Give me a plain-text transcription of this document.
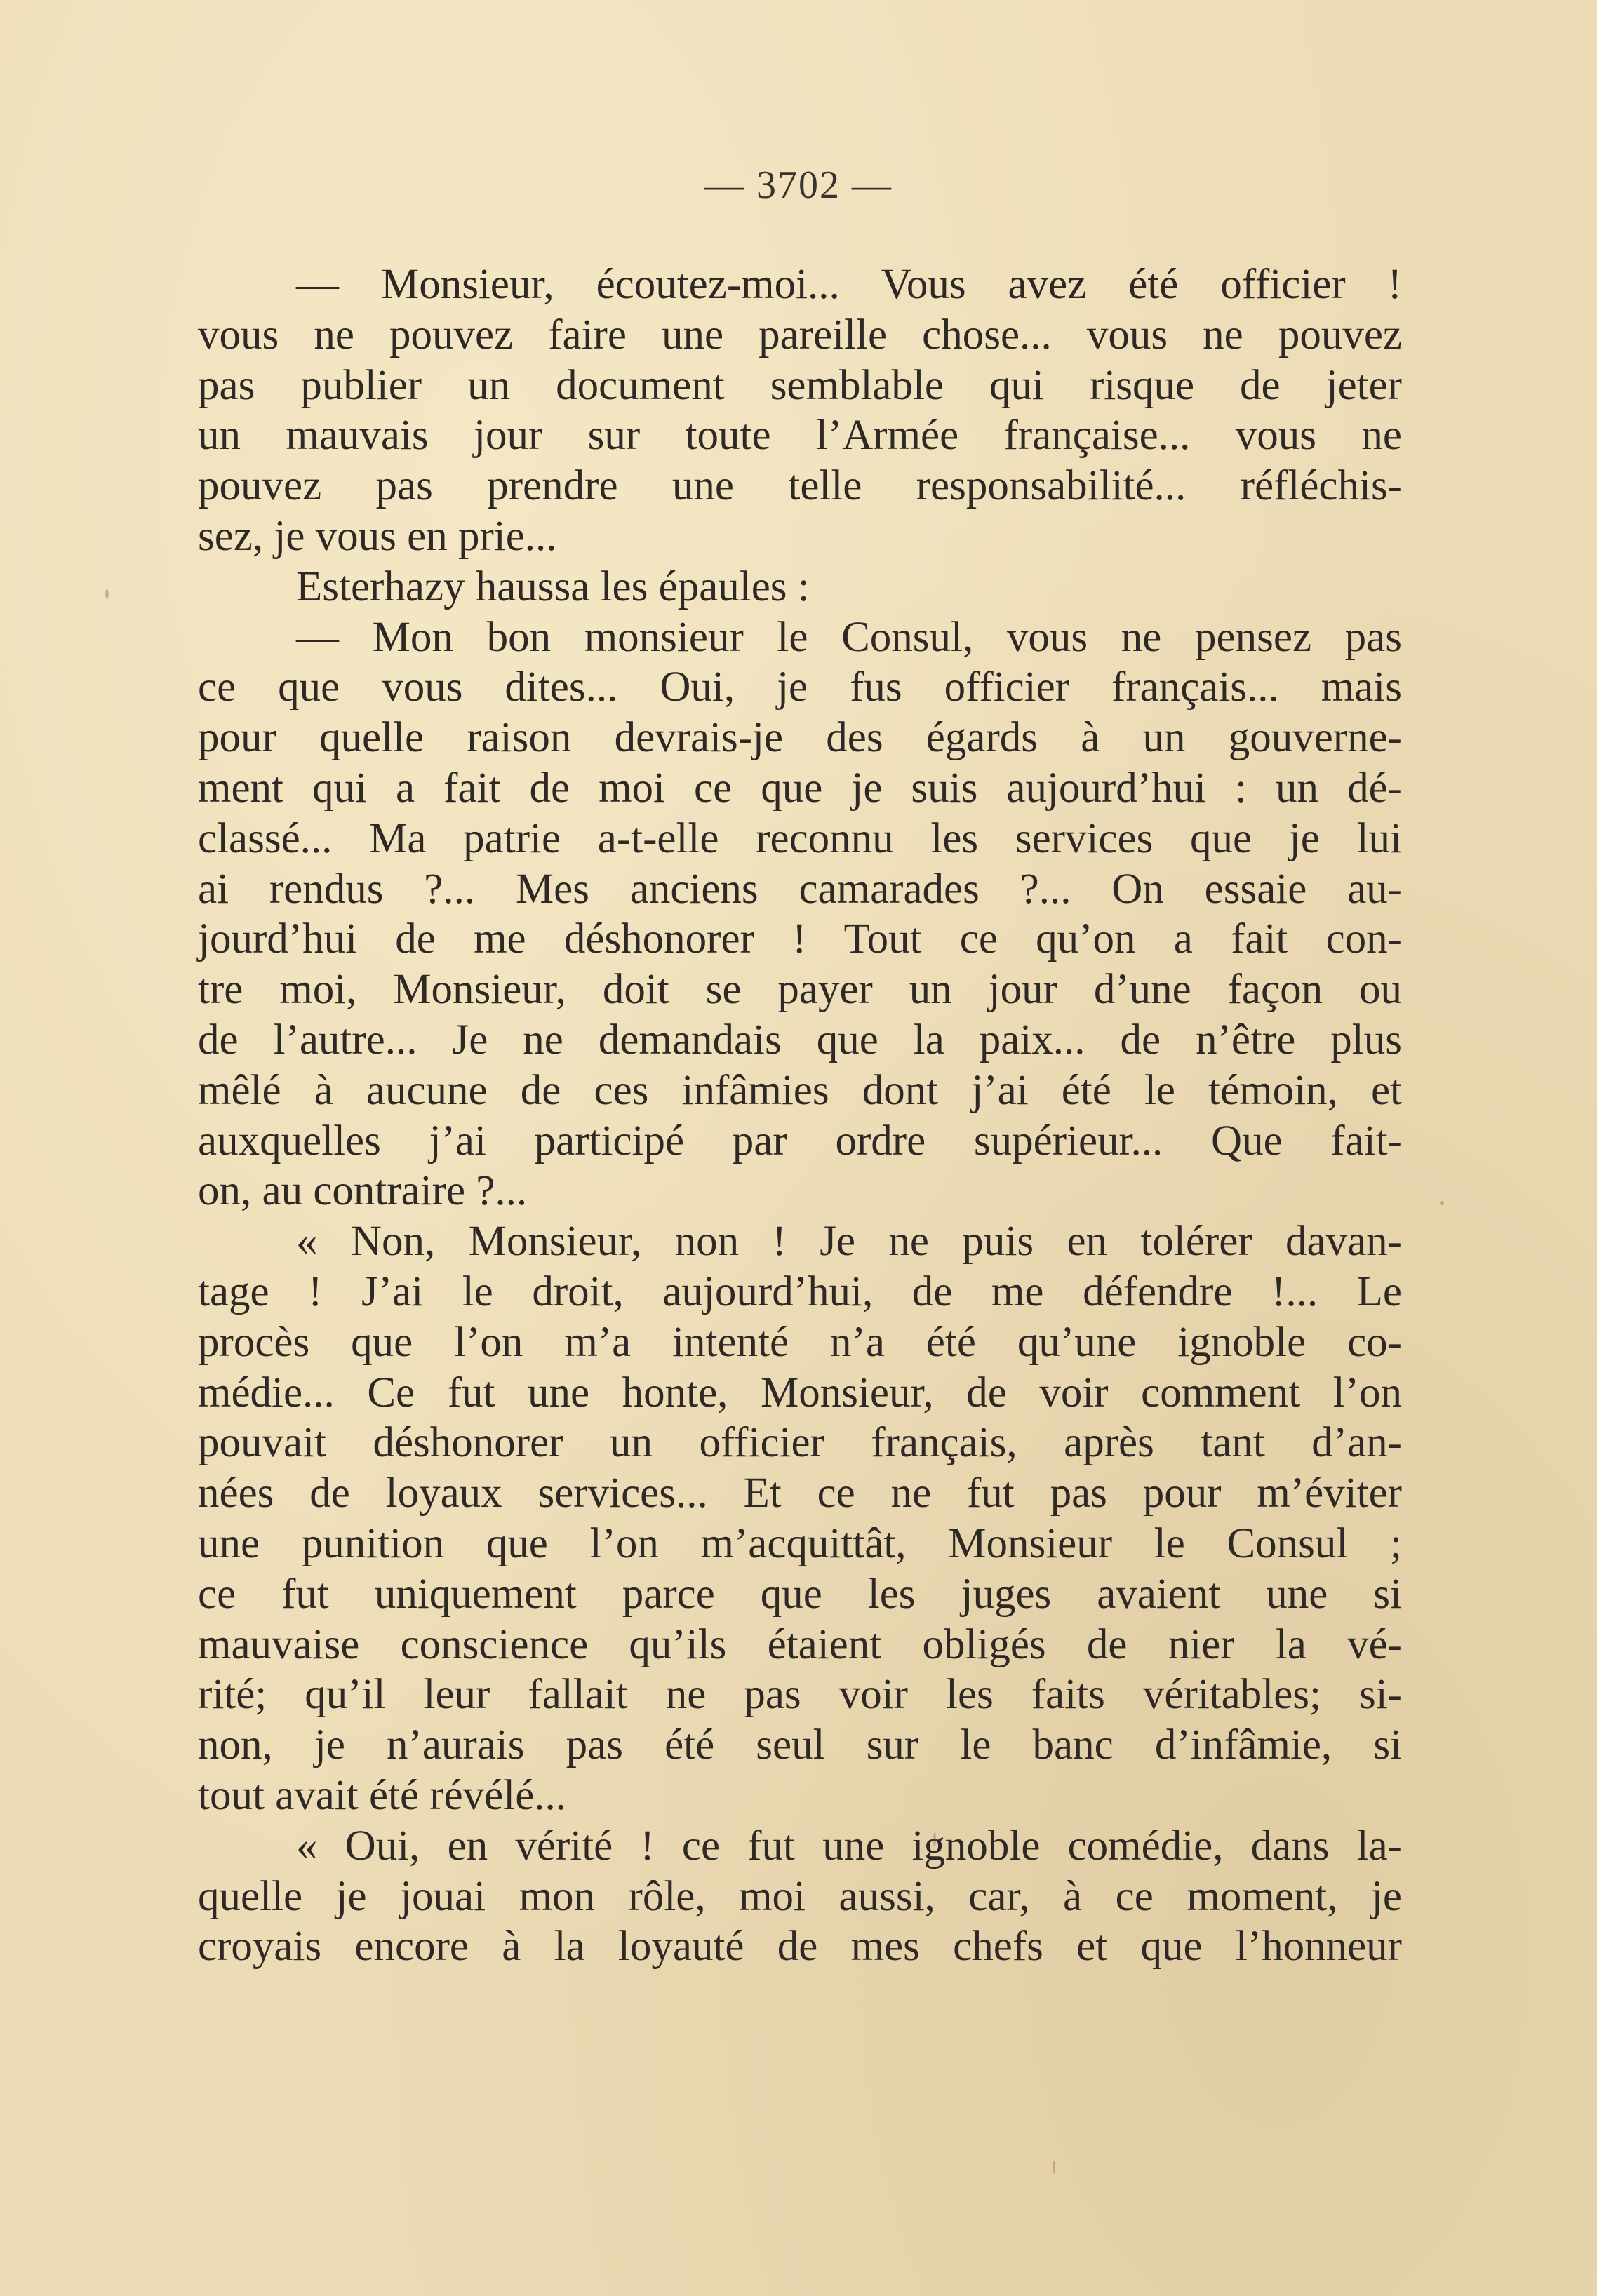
— 3702 —
— Monsieur, écoutez-moi... Vous avez été officier !
vous ne pouvez faire une pareille chose... vous ne pouvez
pas publier un document semblable qui risque de jeter
un mauvais jour sur toute l’Armée française... vous ne
pouvez pas prendre une telle responsabilité... réfléchis-
sez, je vous en prie...
Esterhazy haussa les épaules :
— Mon bon monsieur le Consul, vous ne pensez pas
ce que vous dites... Oui, je fus officier français... mais
pour quelle raison devrais-je des égards à un gouverne-
ment qui a fait de moi ce que je suis aujourd’hui : un dé-
classé... Ma patrie a-t-elle reconnu les services que je lui
ai rendus ?... Mes anciens camarades ?... On essaie au-
jourd’hui de me déshonorer ! Tout ce qu’on a fait con-
tre moi, Monsieur, doit se payer un jour d’une façon ou
de l’autre... Je ne demandais que la paix... de n’être plus
mêlé à aucune de ces infâmies dont j’ai été le témoin, et
auxquelles j’ai participé par ordre supérieur... Que fait-
on, au contraire ?...
« Non, Monsieur, non ! Je ne puis en tolérer davan-
tage ! J’ai le droit, aujourd’hui, de me défendre !... Le
procès que l’on m’a intenté n’a été qu’une ignoble co-
médie... Ce fut une honte, Monsieur, de voir comment l’on
pouvait déshonorer un officier français, après tant d’an-
nées de loyaux services... Et ce ne fut pas pour m’éviter
une punition que l’on m’acquittât, Monsieur le Consul ;
ce fut uniquement parce que les juges avaient une si
mauvaise conscience qu’ils étaient obligés de nier la vé-
rité; qu’il leur fallait ne pas voir les faits véritables; si-
non, je n’aurais pas été seul sur le banc d’infâmie, si
tout avait été révélé...
« Oui, en vérité ! ce fut une ignoble comédie, dans la-
quelle je jouai mon rôle, moi aussi, car, à ce moment, je
croyais encore à la loyauté de mes chefs et que l’honneur
